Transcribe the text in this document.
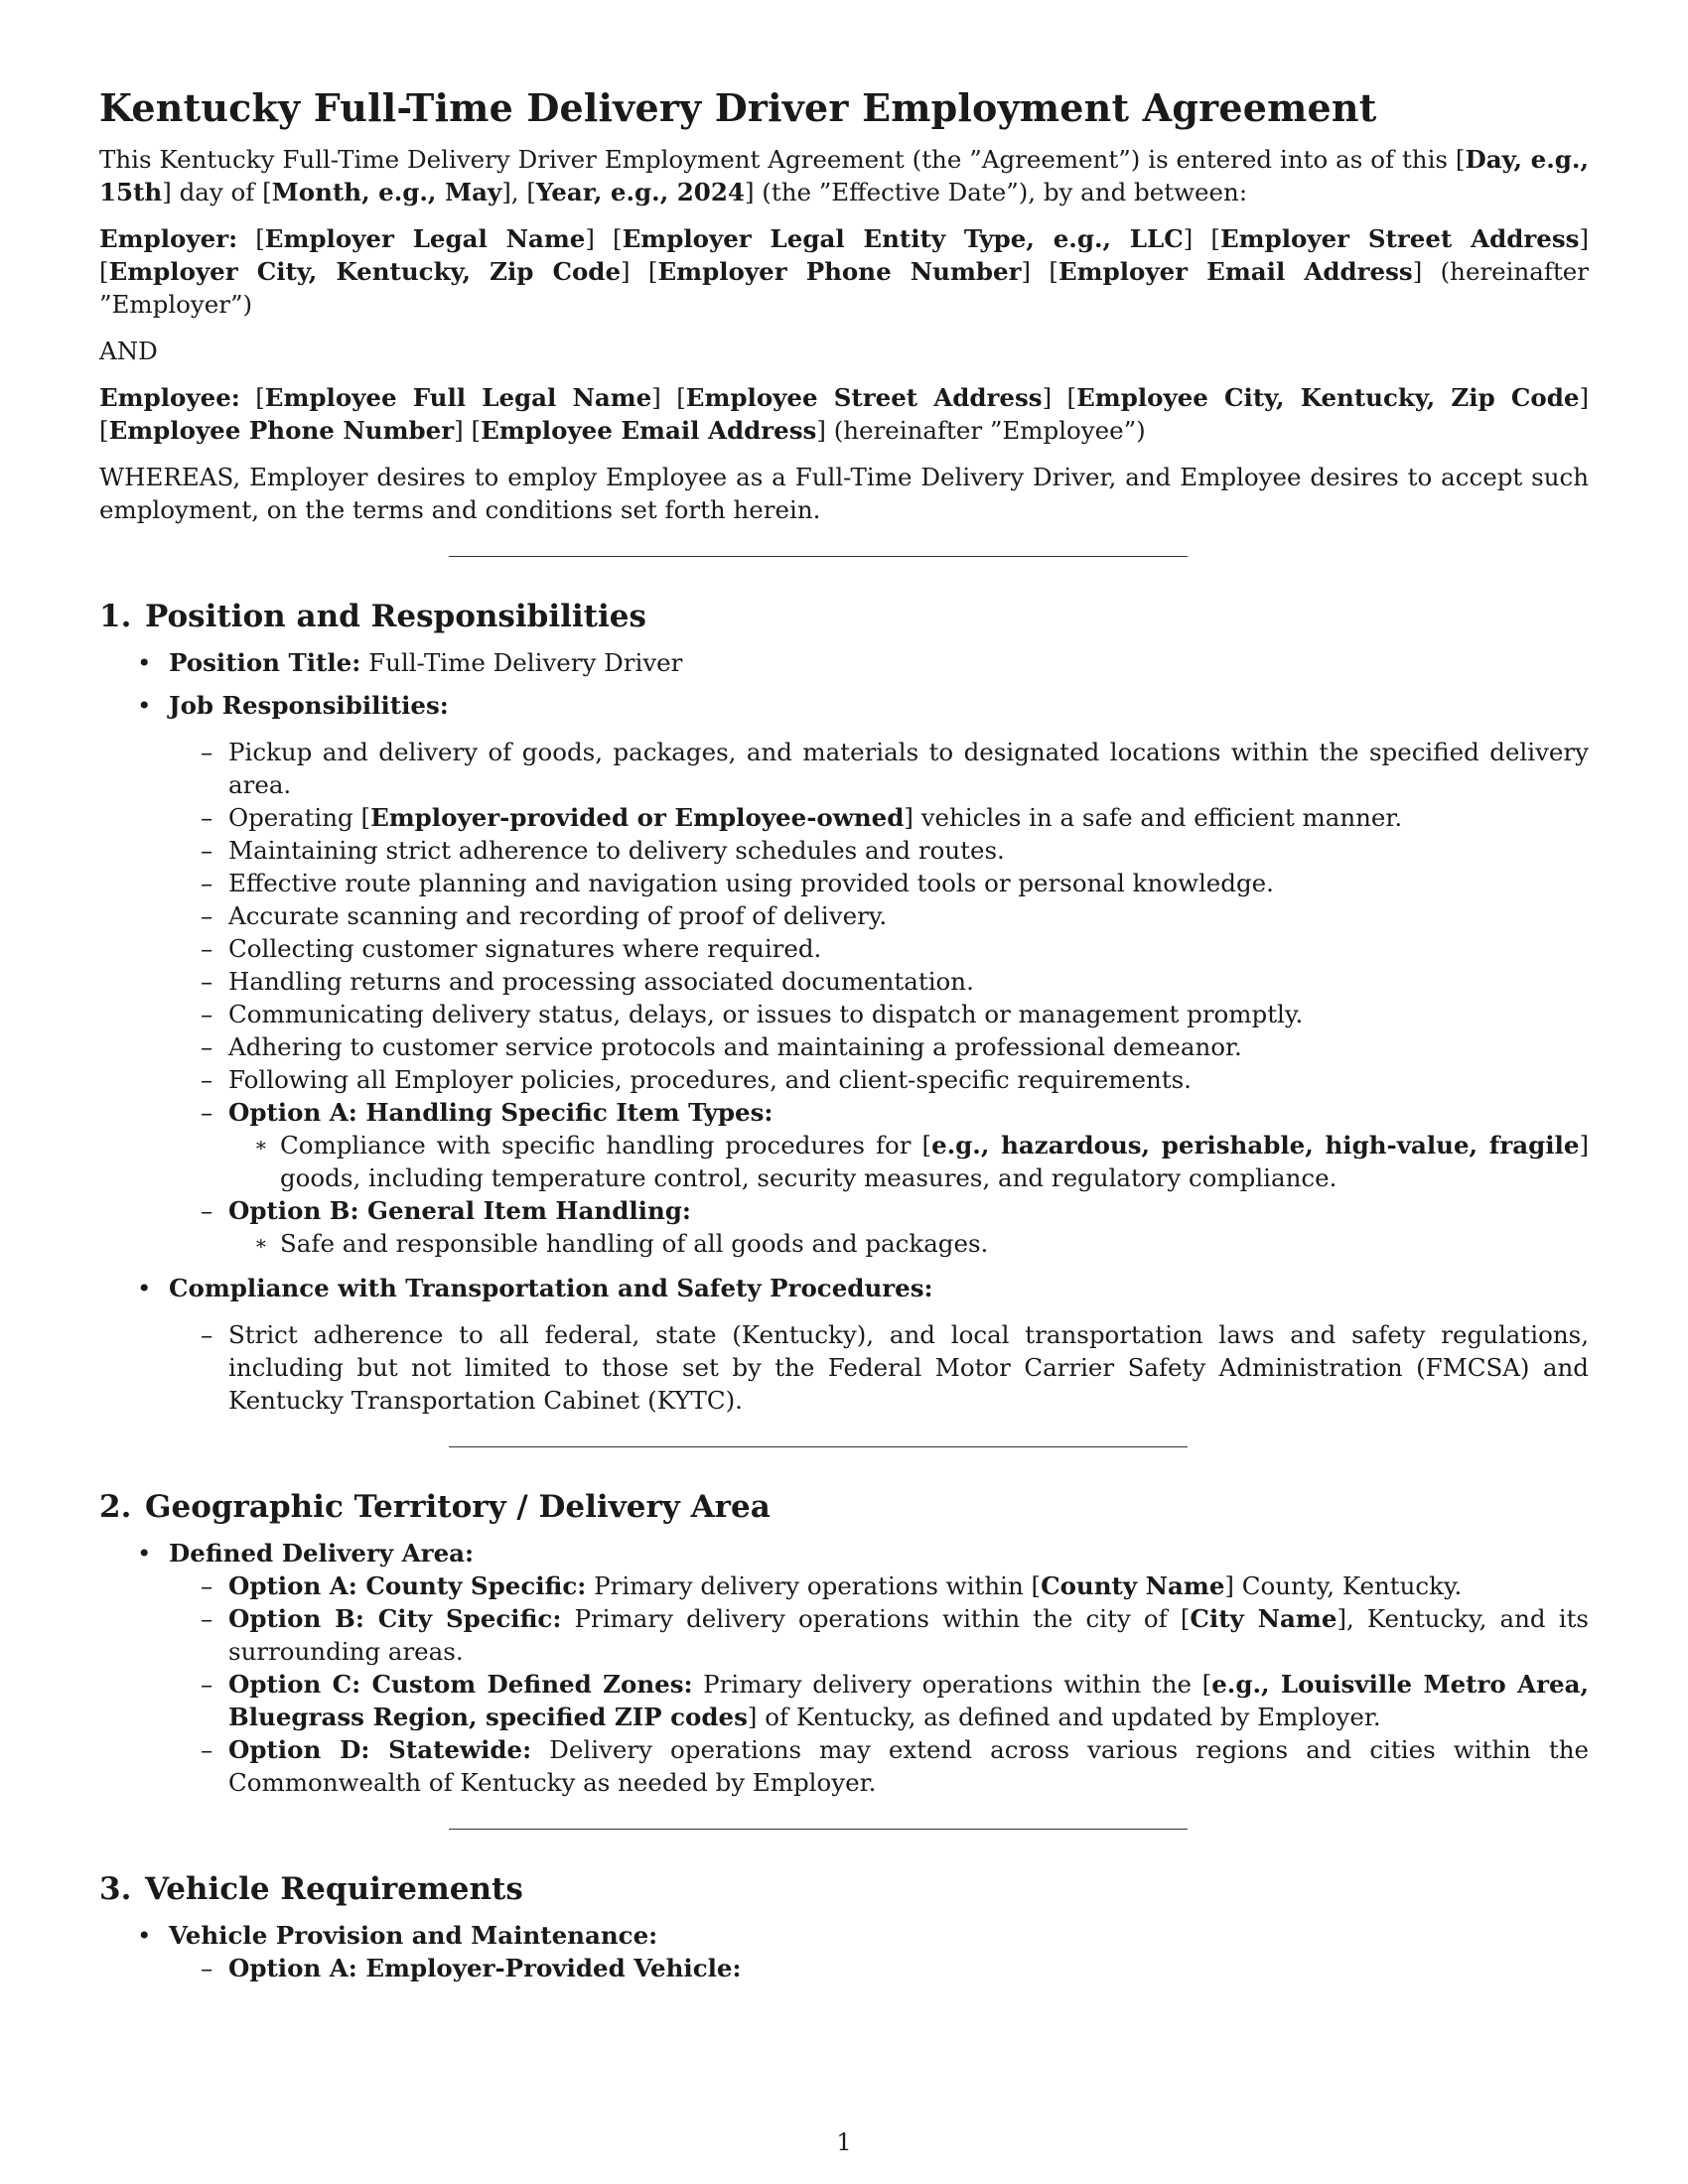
Kentucky Full-Time Delivery Driver Employment Agreement

This Kentucky Full-Time Delivery Driver Employment Agreement (the ”Agreement”) is entered into as of this [Day, e.g., 15th] day of [Month, e.g., May], [Year, e.g., 2024] (the ”Effective Date”), by and between:

Employer: [Employer Legal Name] [Employer Legal Entity Type, e.g., LLC] [Employer Street Address] [Employer City, Kentucky, Zip Code] [Employer Phone Number] [Employer Email Address] (hereinafter ”Employer”)

AND

Employee: [Employee Full Legal Name] [Employee Street Address] [Employee City, Kentucky, Zip Code] [Employee Phone Number] [Employee Email Address] (hereinafter ”Employee”)

WHEREAS, Employer desires to employ Employee as a Full-Time Delivery Driver, and Employee desires to accept such employment, on the terms and conditions set forth herein.

1. Position and Responsibilities
• Position Title: Full-Time Delivery Driver
• Job Responsibilities:
– Pickup and delivery of goods, packages, and materials to designated locations within the specified delivery area.
– Operating [Employer-provided or Employee-owned] vehicles in a safe and efficient manner.
– Maintaining strict adherence to delivery schedules and routes.
– Effective route planning and navigation using provided tools or personal knowledge.
– Accurate scanning and recording of proof of delivery.
– Collecting customer signatures where required.
– Handling returns and processing associated documentation.
– Communicating delivery status, delays, or issues to dispatch or management promptly.
– Adhering to customer service protocols and maintaining a professional demeanor.
– Following all Employer policies, procedures, and client-specific requirements.
– Option A: Handling Specific Item Types:
∗ Compliance with specific handling procedures for [e.g., hazardous, perishable, high-value, fragile] goods, including temperature control, security measures, and regulatory compliance.
– Option B: General Item Handling:
∗ Safe and responsible handling of all goods and packages.
• Compliance with Transportation and Safety Procedures:
– Strict adherence to all federal, state (Kentucky), and local transportation laws and safety regulations, including but not limited to those set by the Federal Motor Carrier Safety Administration (FMCSA) and Kentucky Transportation Cabinet (KYTC).
2. Geographic Territory / Delivery Area
• Defined Delivery Area:
– Option A: County Specific: Primary delivery operations within [County Name] County, Kentucky.
– Option B: City Specific: Primary delivery operations within the city of [City Name], Kentucky, and its surrounding areas.
– Option C: Custom Defined Zones: Primary delivery operations within the [e.g., Louisville Metro Area, Bluegrass Region, specified ZIP codes] of Kentucky, as defined and updated by Employer.
– Option D: Statewide: Delivery operations may extend across various regions and cities within the Commonwealth of Kentucky as needed by Employer.
3. Vehicle Requirements
• Vehicle Provision and Maintenance:
– Option A: Employer-Provided Vehicle:
1
